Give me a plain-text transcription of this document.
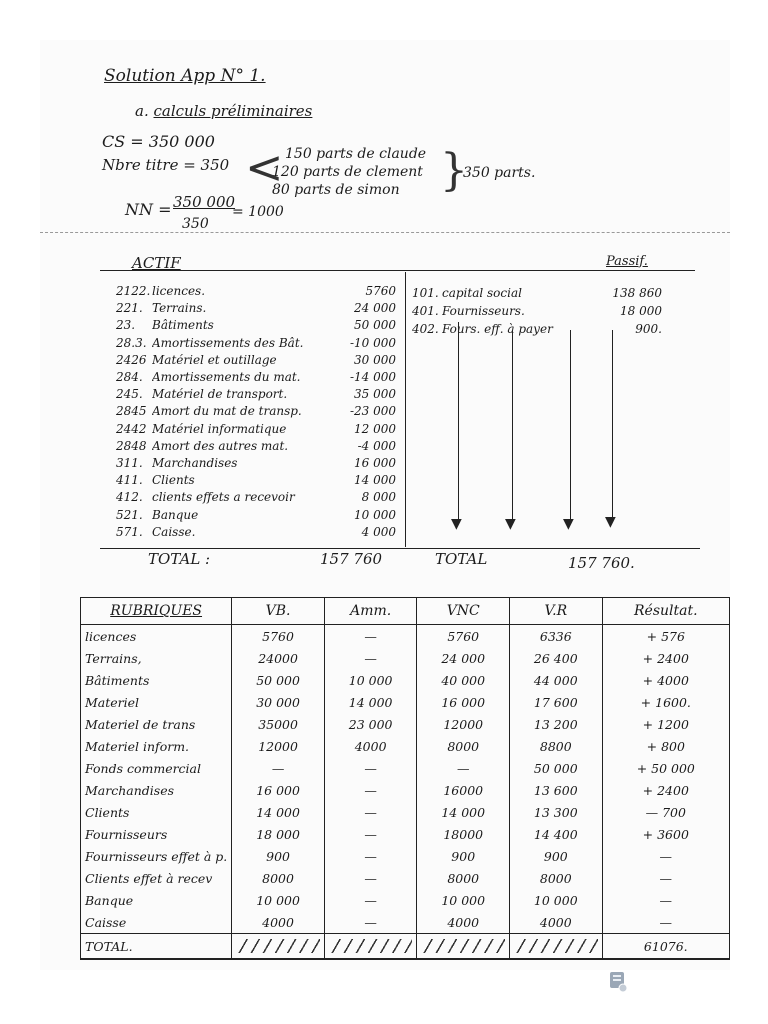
Solution App N° 1.
a. calculs préliminaires
CS = 350 000
Nbre titre = 350 < 150 parts de claude
120 parts de clement
80 parts de simon }
350 parts.
NN = 350 000
350
= 1000
ACTIF	Passif.
2122. licences.	5760
221. Terrains.	24 000
23.	Bâtiments	50 000
28.3. Amortissements des Bât.	-10 000
2426 Matériel et outillage	30 000
284. Amortissements du mat.	-14 000
245. Matériel de transport.	35 000
2845 Amort du mat de transp.	-23 000
2442 Matériel informatique	12 000
2848 Amort des autres mat.	-4 000
311. Marchandises	16 000
411. Clients	14 000
412. clients effets a recevoir	8 000
521. Banque	10 000
571. Caisse.	4 000
101. capital social	138 860
401. Fournisseurs.	18 000
402. Fours. eff. à payer	900.
▼	▼	▼ ▼
TOTAL :	157 760	TOTAL	157 760.
RUBRIQUES	VB.	Amm.	VNC	V.R	Résultat.
licences	5760	—	5760	6336	+ 576
Terrains,	24000	—	24 000	26 400	+ 2400
Bâtiments	50 000	10 000	40 000	44 000	+ 4000
Materiel	30 000	14 000	16 000	17 600	+ 1600.
Materiel de trans	35000	23 000	12000	13 200	+ 1200
Materiel inform.	12000	4000	8000	8800	+ 800
Fonds commercial	—	—	—	50 000	+ 50 000
Marchandises	16 000	—	16000	13 600	+ 2400
Clients	14 000	—	14 000	13 300	— 700
Fournisseurs	18 000	—	18000	14 400	+ 3600
Fournisseurs effet à p.	900	—	900	900	—
Clients effet à recev	8000	—	8000	8000	—
Banque	10 000	—	10 000	10 000	—
Caisse	4000	—	4000	4000	—
TOTAL.					61076.
